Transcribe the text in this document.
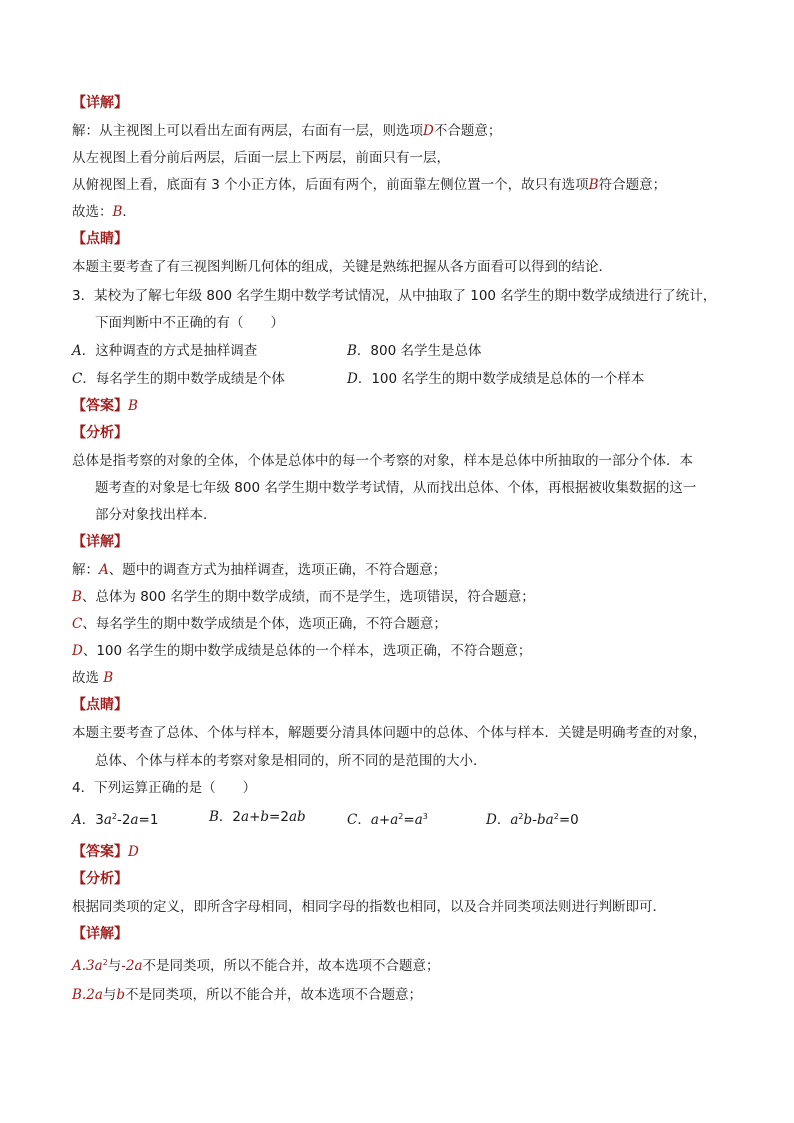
【详解】
解：从主视图上可以看出左面有两层，右面有一层，则选项D不合题意；
从左视图上看分前后两层，后面一层上下两层，前面只有一层，
从俯视图上看，底面有 3 个小正方体，后面有两个，前面靠左侧位置一个，故只有选项B符合题意；
故选：B．
【点睛】
本题主要考查了有三视图判断几何体的组成，关键是熟练把握从各方面看可以得到的结论．
3．某校为了解七年级 800 名学生期中数学考试情况，从中抽取了 100 名学生的期中数学成绩进行了统计，
下面判断中不正确的有（　　）
A．这种调查的方式是抽样调查	B．800 名学生是总体
C．每名学生的期中数学成绩是个体	D．100 名学生的期中数学成绩是总体的一个样本
【答案】B
【分析】
总体是指考察的对象的全体，个体是总体中的每一个考察的对象，样本是总体中所抽取的一部分个体．本
题考查的对象是七年级 800 名学生期中数学考试情，从而找出总体、个体，再根据被收集数据的这一
部分对象找出样本．
【详解】
解：A、题中的调查方式为抽样调查，选项正确，不符合题意；
B、总体为 800 名学生的期中数学成绩，而不是学生，选项错误，符合题意；
C、每名学生的期中数学成绩是个体，选项正确，不符合题意；
D、100 名学生的期中数学成绩是总体的一个样本，选项正确，不符合题意；
故选 B
【点睛】
本题主要考查了总体、个体与样本，解题要分清具体问题中的总体、个体与样本．关键是明确考查的对象，
总体、个体与样本的考察对象是相同的，所不同的是范围的大小．
4．下列运算正确的是（　　）
A．$3a^2-2a=1$	B．2a+b=2ab	C．$a+a^2=a^3$	D．$a^2b-ba^2=0$
【答案】D
【分析】
根据同类项的定义，即所含字母相同，相同字母的指数也相同，以及合并同类项法则进行判断即可．
【详解】
$A.3a^2$与-2a不是同类项，所以不能合并，故本选项不合题意；
B.2a与b不是同类项，所以不能合并，故本选项不合题意；
